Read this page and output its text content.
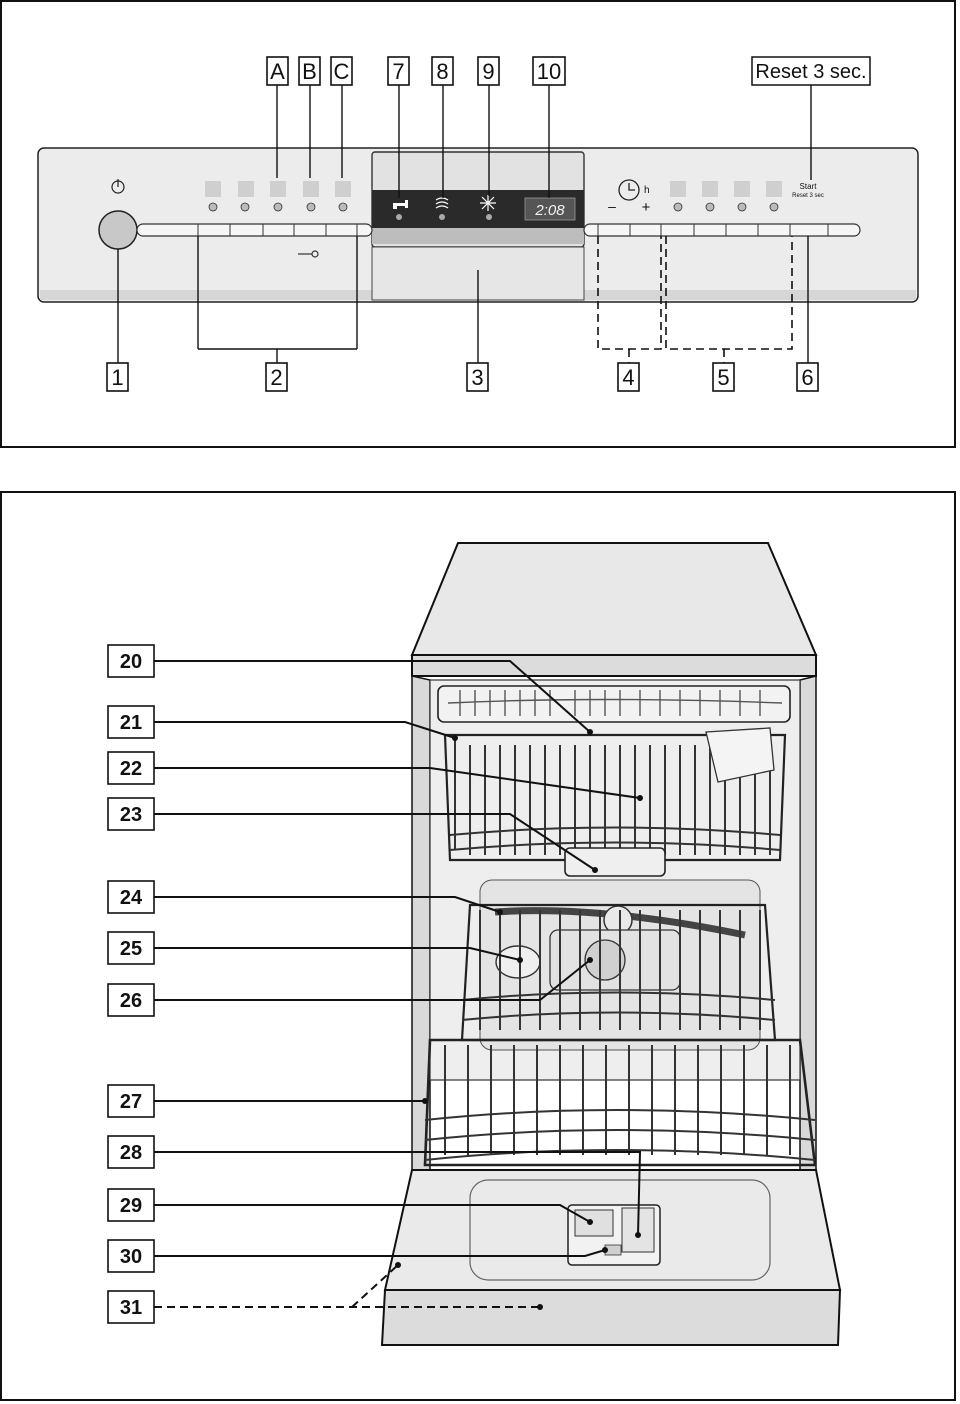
2:08
h
– +
Start
Reset 3 sec
A B C 7 8 9 10	Reset 3 sec.
1	2	3	4	5	6
20
21
22
23
24
25
26
27
28
29
30
31
